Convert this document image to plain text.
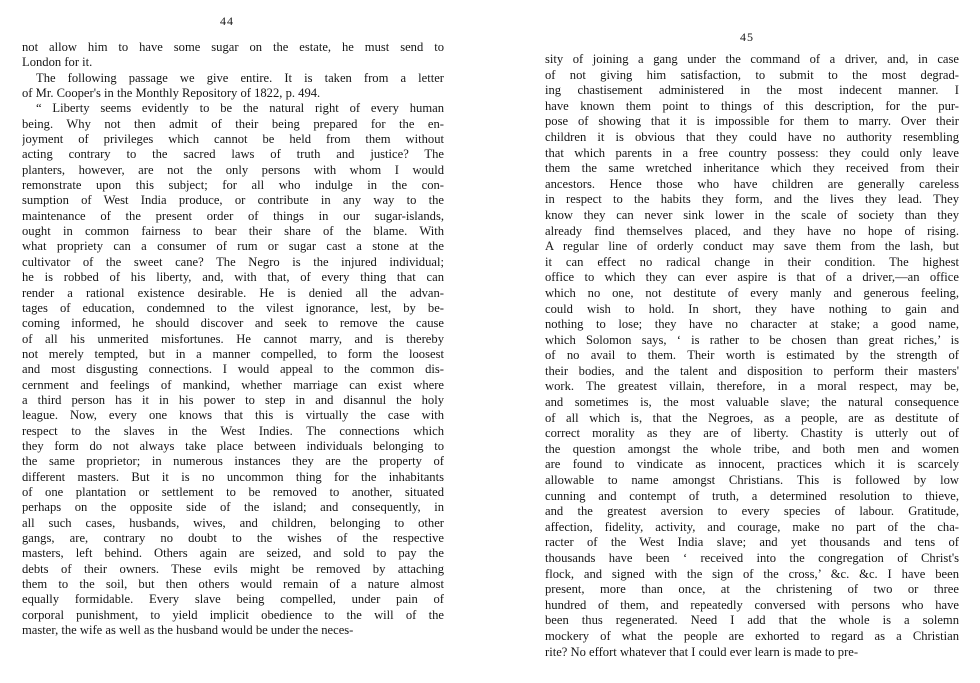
44
not allow him to have some sugar on the estate, he must send to
London for it.
The following passage we give entire. It is taken from a letter
of Mr. Cooper's in the Monthly Repository of 1822, p. 494.
“ Liberty seems evidently to be the natural right of every human
being. Why not then admit of their being prepared for the en-
joyment of privileges which cannot be held from them without
acting contrary to the sacred laws of truth and justice? The
planters, however, are not the only persons with whom I would
remonstrate upon this subject; for all who indulge in the con-
sumption of West India produce, or contribute in any way to the
maintenance of the present order of things in our sugar-islands,
ought in common fairness to bear their share of the blame. With
what propriety can a consumer of rum or sugar cast a stone at the
cultivator of the sweet cane? The Negro is the injured individual;
he is robbed of his liberty, and, with that, of every thing that can
render a rational existence desirable. He is denied all the advan-
tages of education, condemned to the vilest ignorance, lest, by be-
coming informed, he should discover and seek to remove the cause
of all his unmerited misfortunes. He cannot marry, and is thereby
not merely tempted, but in a manner compelled, to form the loosest
and most disgusting connections. I would appeal to the common dis-
cernment and feelings of mankind, whether marriage can exist where
a third person has it in his power to step in and disannul the holy
league. Now, every one knows that this is virtually the case with
respect to the slaves in the West Indies. The connections which
they form do not always take place between individuals belonging to
the same proprietor; in numerous instances they are the property of
different masters. But it is no uncommon thing for the inhabitants
of one plantation or settlement to be removed to another, situated
perhaps on the opposite side of the island; and consequently, in
all such cases, husbands, wives, and children, belonging to other
gangs, are, contrary no doubt to the wishes of the respective
masters, left behind. Others again are seized, and sold to pay the
debts of their owners. These evils might be removed by attaching
them to the soil, but then others would remain of a nature almost
equally formidable. Every slave being compelled, under pain of
corporal punishment, to yield implicit obedience to the will of the
master, the wife as well as the husband would be under the neces-
45
sity of joining a gang under the command of a driver, and, in case
of not giving him satisfaction, to submit to the most degrad-
ing chastisement administered in the most indecent manner. I
have known them point to things of this description, for the pur-
pose of showing that it is impossible for them to marry. Over their
children it is obvious that they could have no authority resembling
that which parents in a free country possess: they could only leave
them the same wretched inheritance which they received from their
ancestors. Hence those who have children are generally careless
in respect to the habits they form, and the lives they lead. They
know they can never sink lower in the scale of society than they
already find themselves placed, and they have no hope of rising.
A regular line of orderly conduct may save them from the lash, but
it can effect no radical change in their condition. The highest
office to which they can ever aspire is that of a driver,—an office
which no one, not destitute of every manly and generous feeling,
could wish to hold. In short, they have nothing to gain and
nothing to lose; they have no character at stake; a good name,
which Solomon says, ‘ is rather to be chosen than great riches,’ is
of no avail to them. Their worth is estimated by the strength of
their bodies, and the talent and disposition to perform their masters'
work. The greatest villain, therefore, in a moral respect, may be,
and sometimes is, the most valuable slave; the natural consequence
of all which is, that the Negroes, as a people, are as destitute of
correct morality as they are of liberty. Chastity is utterly out of
the question amongst the whole tribe, and both men and women
are found to vindicate as innocent, practices which it is scarcely
allowable to name amongst Christians. This is followed by low
cunning and contempt of truth, a determined resolution to thieve,
and the greatest aversion to every species of labour. Gratitude,
affection, fidelity, activity, and courage, make no part of the cha-
racter of the West India slave; and yet thousands and tens of
thousands have been ‘ received into the congregation of Christ's
flock, and signed with the sign of the cross,’ &c. &c. I have been
present, more than once, at the christening of two or three
hundred of them, and repeatedly conversed with persons who have
been thus regenerated. Need I add that the whole is a solemn
mockery of what the people are exhorted to regard as a Christian
rite? No effort whatever that I could ever learn is made to pre-
